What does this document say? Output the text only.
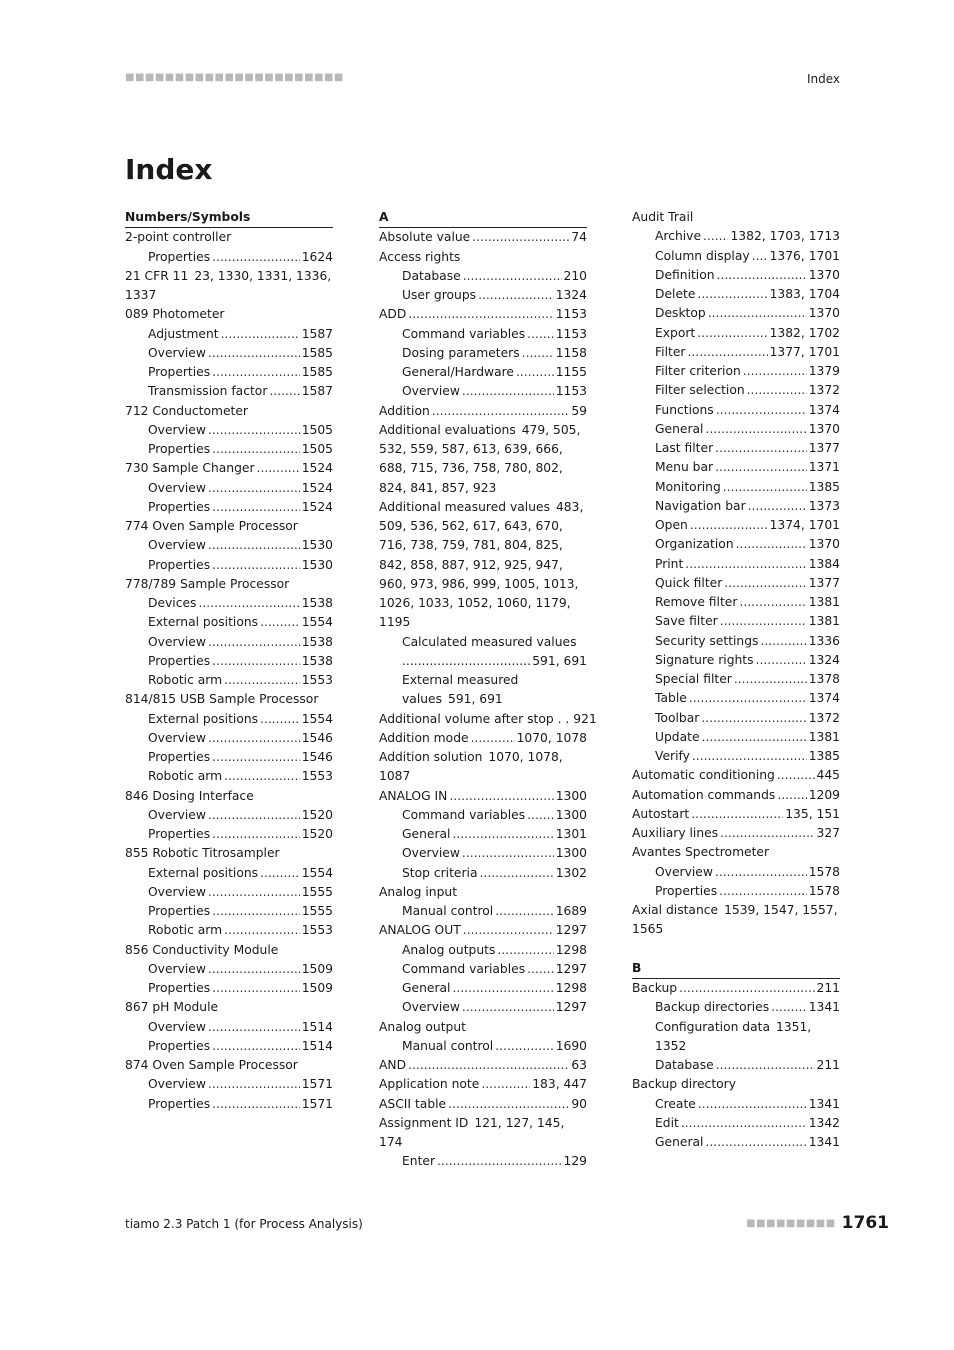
■■■■■■■■■■■■■■■■■■■■■■	Index
Index
Numbers/Symbols
2-point controller
Properties .....	1624
21 CFR 11 23, 1330, 1331, 1336, 1337
089 Photometer
Adjustment .....	1587
Overview .....	1585
Properties .....	1585
Transmission factor .....	1587
712 Conductometer
Overview .....	1505
Properties .....	1505
730 Sample Changer .....	1524
Overview .....	1524
Properties .....	1524
774 Oven Sample Processor
Overview .....	1530
Properties .....	1530
778/789 Sample Processor
Devices .....	1538
External positions .....	1554
Overview .....	1538
Properties .....	1538
Robotic arm .....	1553
814/815 USB Sample Processor
External positions .....	1554
Overview .....	1546
Properties .....	1546
Robotic arm .....	1553
846 Dosing Interface
Overview .....	1520
Properties .....	1520
855 Robotic Titrosampler
External positions .....	1554
Overview .....	1555
Properties .....	1555
Robotic arm .....	1553
856 Conductivity Module
Overview .....	1509
Properties .....	1509
867 pH Module
Overview .....	1514
Properties .....	1514
874 Oven Sample Processor
Overview .....	1571
Properties .....	1571
A
Absolute value .....	74
Access rights
Database .....	210
User groups .....	1324
ADD .....	1153
Command variables ..... 1153
Dosing parameters .....	1158
General/Hardware .....	1155
Overview .....	1153
Addition .....	59
Additional evaluations 479, 505, 532, 559, 587, 613, 639, 666, 688, 715, 736, 758, 780, 802, 824, 841, 857, 923
Additional measured values 483, 509, 536, 562, 617, 643, 670, 716, 738, 759, 781, 804, 825, 842, 858, 887, 912, 925, 947, 960, 973, 986, 999, 1005, 1013, 1026, 1033, 1052, 1060, 1179, 1195
Calculated measured values
.....
591, 691
External measured values 591, 691
Additional volume after stop . . 921
Addition mode .....	1070, 1078
Addition solution 1070, 1078, 1087
ANALOG IN .....	1300
Command variables ..... 1300
General .....	1301
Overview .....	1300
Stop criteria .....	1302
Analog input
Manual control .....	1689
ANALOG OUT .....	1297
Analog outputs .....	1298
Command variables ..... 1297
General .....	1298
Overview .....	1297
Analog output
Manual control .....	1690
AND .....	63
Application note .....	183, 447
ASCII table .....	90
Assignment ID 121, 127, 145, 174
Enter .....	129
Audit Trail
Archive ..... 1382, 1703, 1713
Column display ..... 1376, 1701
Definition .....	1370
Delete .....	1383, 1704
Desktop .....	1370
Export .....	1382, 1702
Filter .....	1377, 1701
Filter criterion .....	1379
Filter selection .....	1372
Functions .....	1374
General .....	1370
Last filter .....	1377
Menu bar .....	1371
Monitoring .....	1385
Navigation bar .....	1373
Open .....	1374, 1701
Organization .....	1370
Print .....	1384
Quick filter .....	1377
Remove filter .....	1381
Save filter .....	1381
Security settings .....	1336
Signature rights .....	1324
Special filter .....	1378
Table .....	1374
Toolbar .....	1372
Update .....	1381
Verify .....	1385
Automatic conditioning .....	445
Automation commands .....	1209
Autostart .....	135, 151
Auxiliary lines .....	327
Avantes Spectrometer
Overview .....	1578
Properties .....	1578
Axial distance 1539, 1547, 1557, 1565
B
Backup .....	211
Backup directories .....	1341
Configuration data 1351, 1352
Database .....	211
Backup directory
Create .....	1341
Edit .....	1342
General .....	1341
tiamo 2.3 Patch 1 (for Process Analysis)	■■■■■■■■■ 1761
